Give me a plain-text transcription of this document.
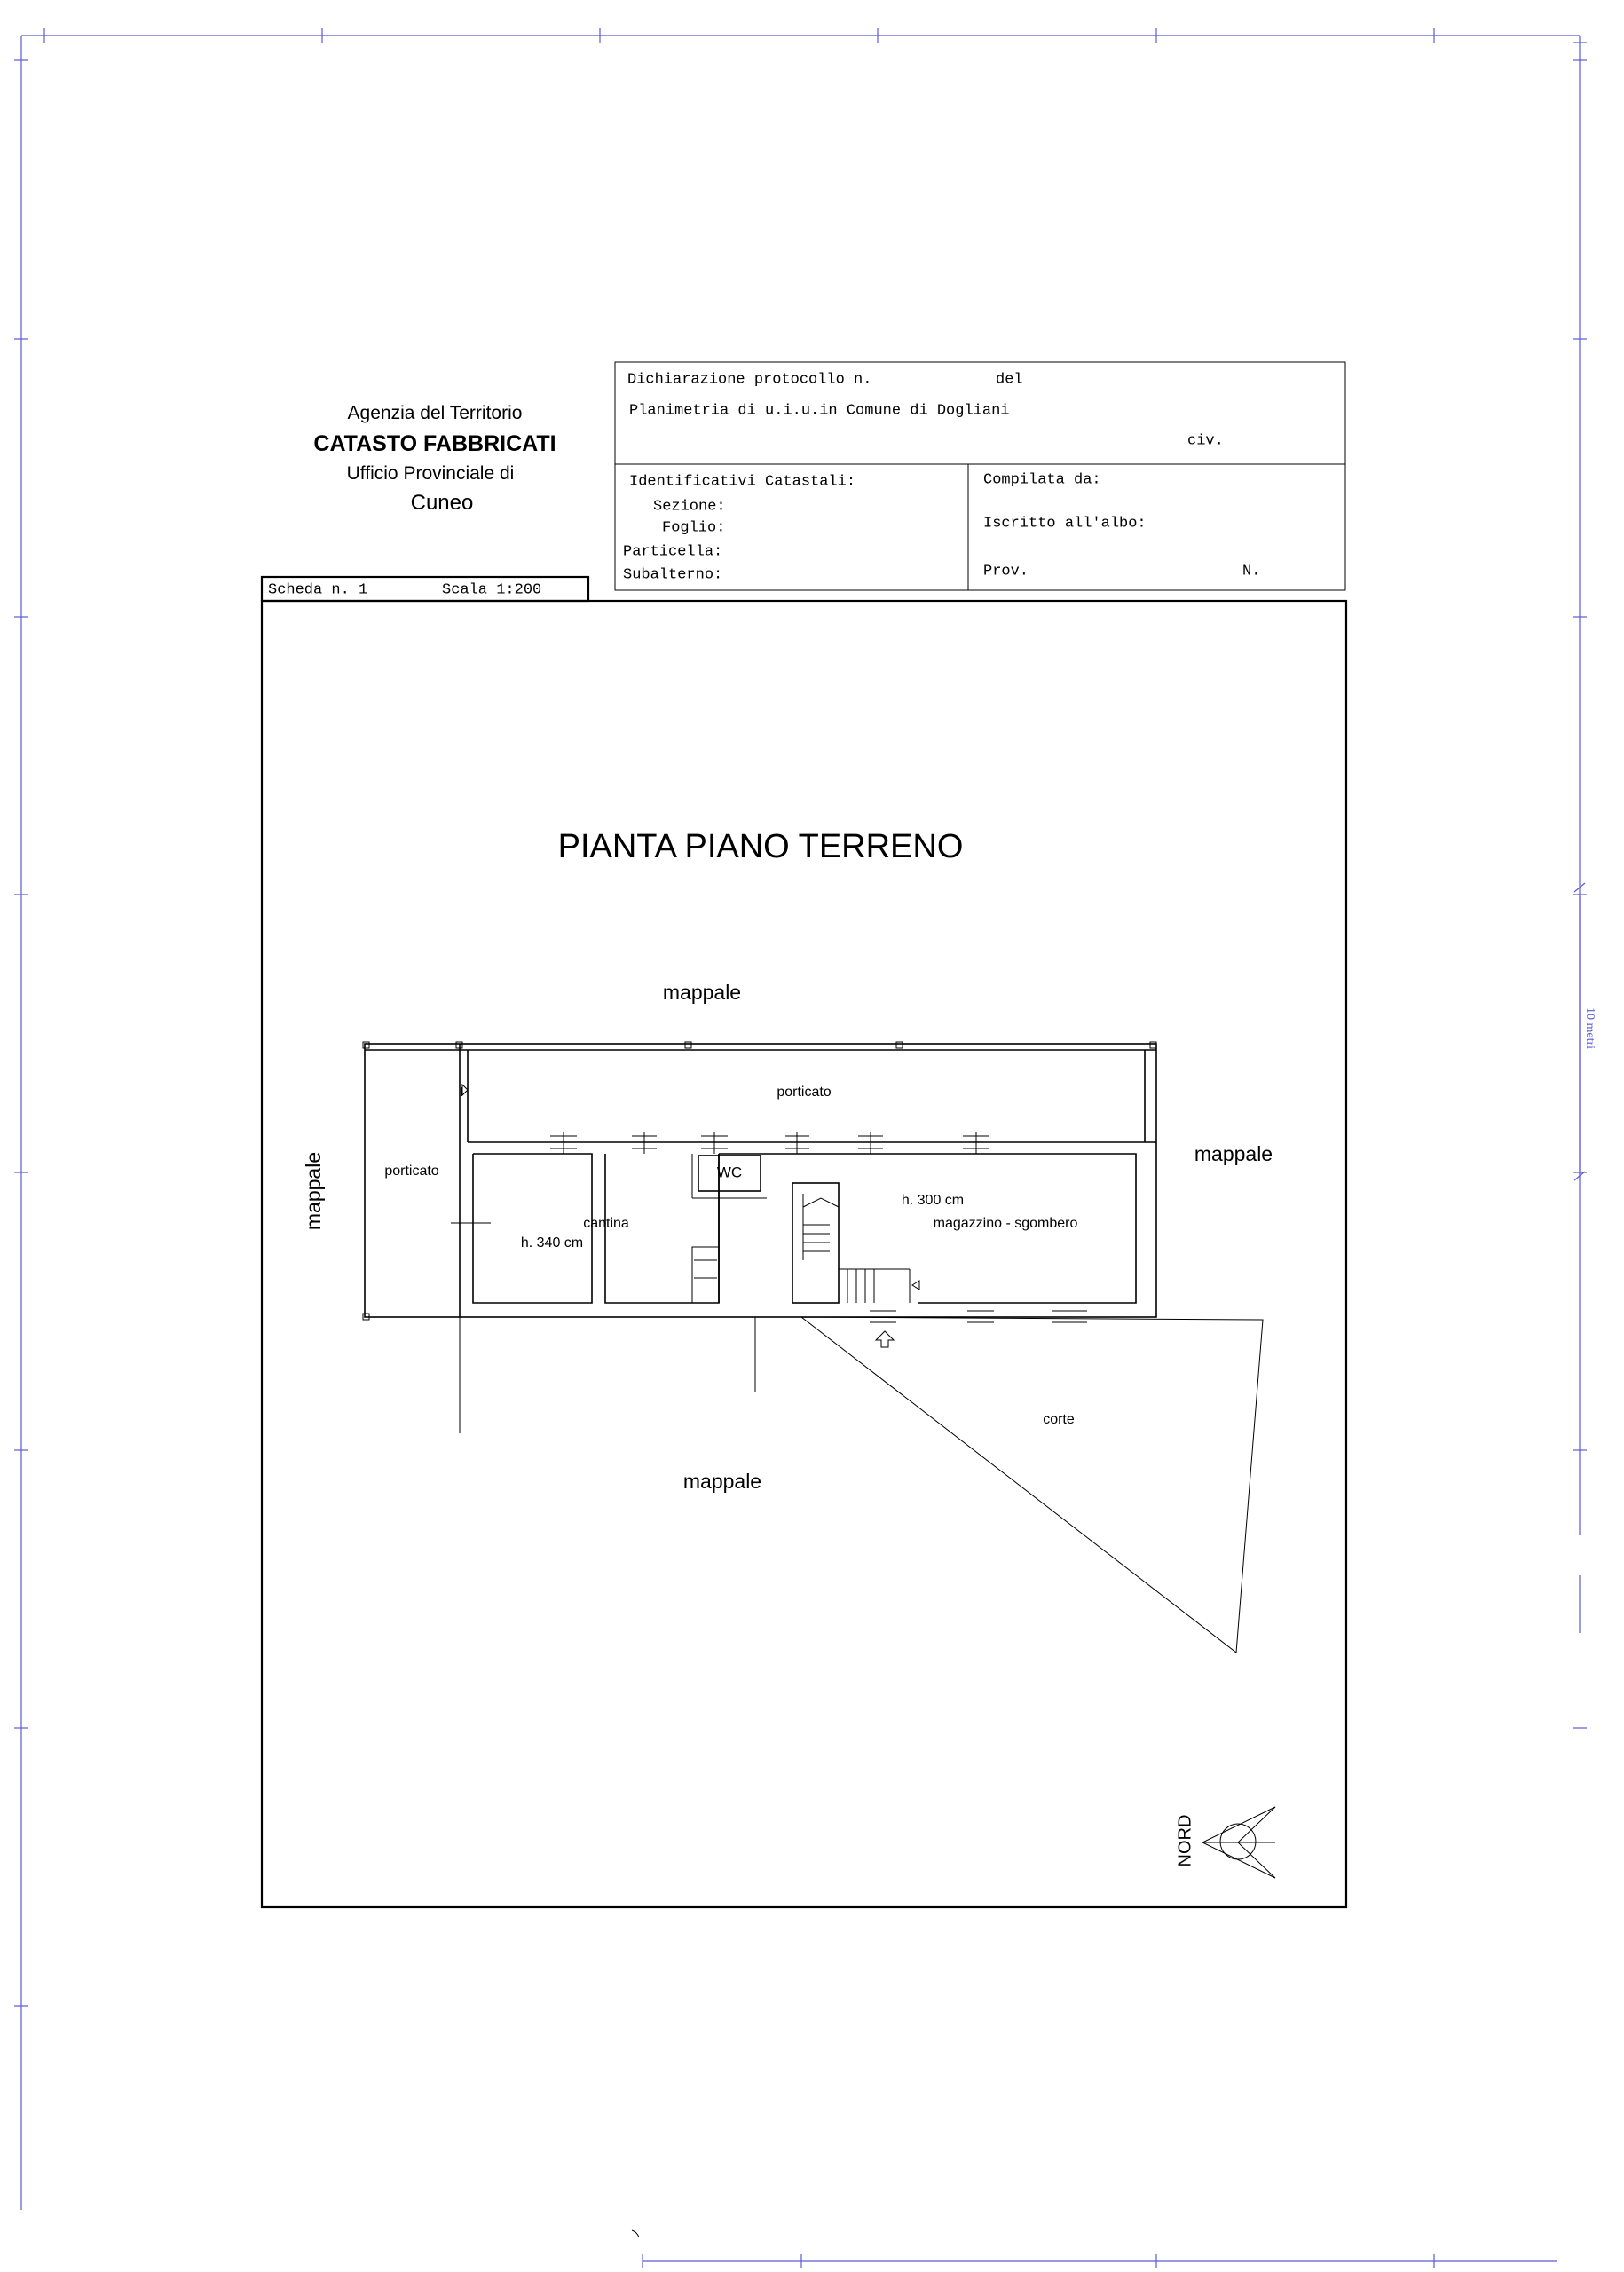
10 metri
Agenzia del Territorio
CATASTO FABBRICATI
Ufficio Provinciale di
Cuneo
Dichiarazione protocollo n.	del
Planimetria di u.i.u.in Comune di Dogliani
civ.
Identificativi Catastali:
Sezione:
Foglio:
Particella:
Subalterno:
Compilata da:
Iscritto all'albo:
Prov.	N.
Scheda n. 1	Scala 1:200
PIANTA PIANO TERRENO
mappale
porticato
mappale
mappale	porticato	WC
cantina
h. 340 cm
h. 300 cm
magazzino - sgombero
corte
mappale
NORD
